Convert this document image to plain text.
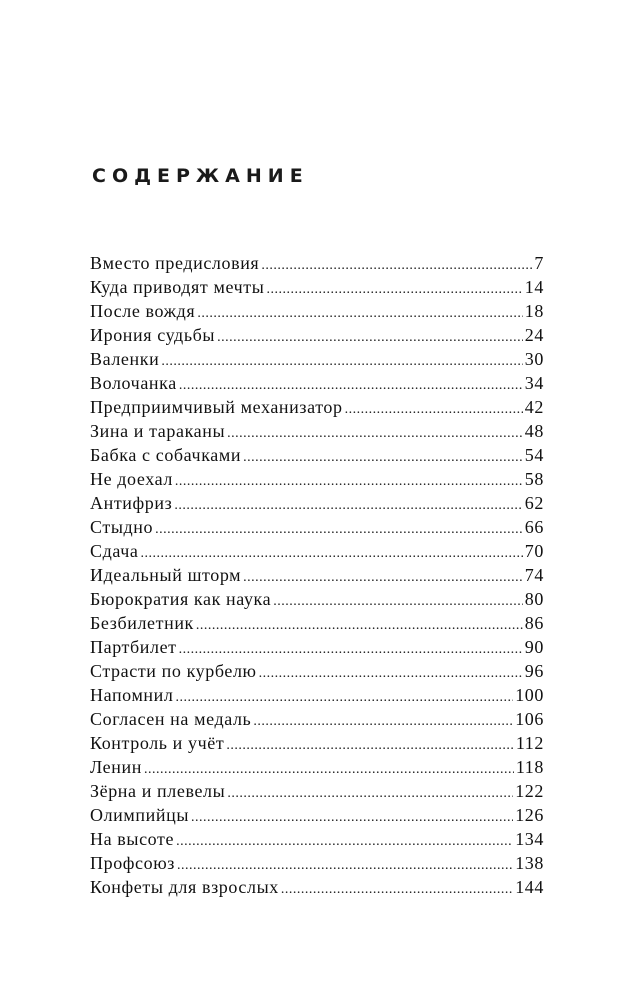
СОДЕРЖАНИЕ
Вместо предисловия .....	7
Куда приводят мечты .....	14
После вождя .....	18
Ирония судьбы .....	24
Валенки .....	30
Волочанка .....	34
Предприимчивый механизатор .....	42
Зина и тараканы .....	48
Бабка с собачками .....	54
Не доехал .....	58
Антифриз .....	62
Стыдно .....	66
Сдача .....	70
Идеальный шторм .....	74
Бюрократия как наука .....	80
Безбилетник .....	86
Партбилет .....	90
Страсти по курбелю .....	96
Напомнил .....	100
Согласен на медаль .....	106
Контроль и учёт .....	112
Ленин .....	118
Зёрна и плевелы .....	122
Олимпийцы .....	126
На высоте .....	134
Профсоюз .....	138
Конфеты для взрослых .....	144
